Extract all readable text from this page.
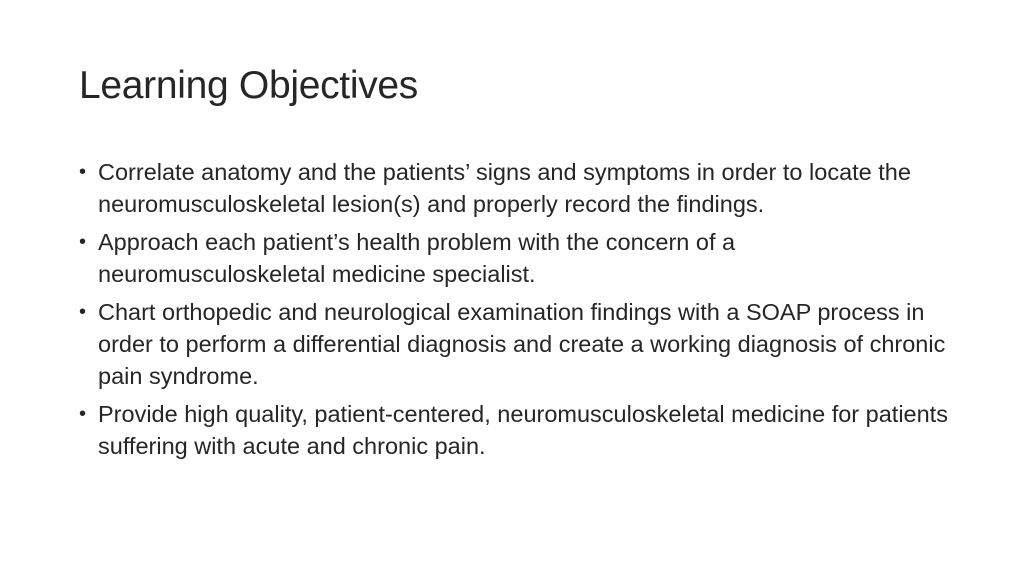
Learning Objectives
• Correlate anatomy and the patients’ signs and symptoms in order to locate the neuromusculoskeletal lesion(s) and properly record the findings.
• Approach each patient’s health problem with the concern of a neuromusculoskeletal medicine specialist.
• Chart orthopedic and neurological examination findings with a SOAP process in order to perform a differential diagnosis and create a working diagnosis of chronic pain syndrome.
• Provide high quality, patient-centered, neuromusculoskeletal medicine for patients suffering with acute and chronic pain.
